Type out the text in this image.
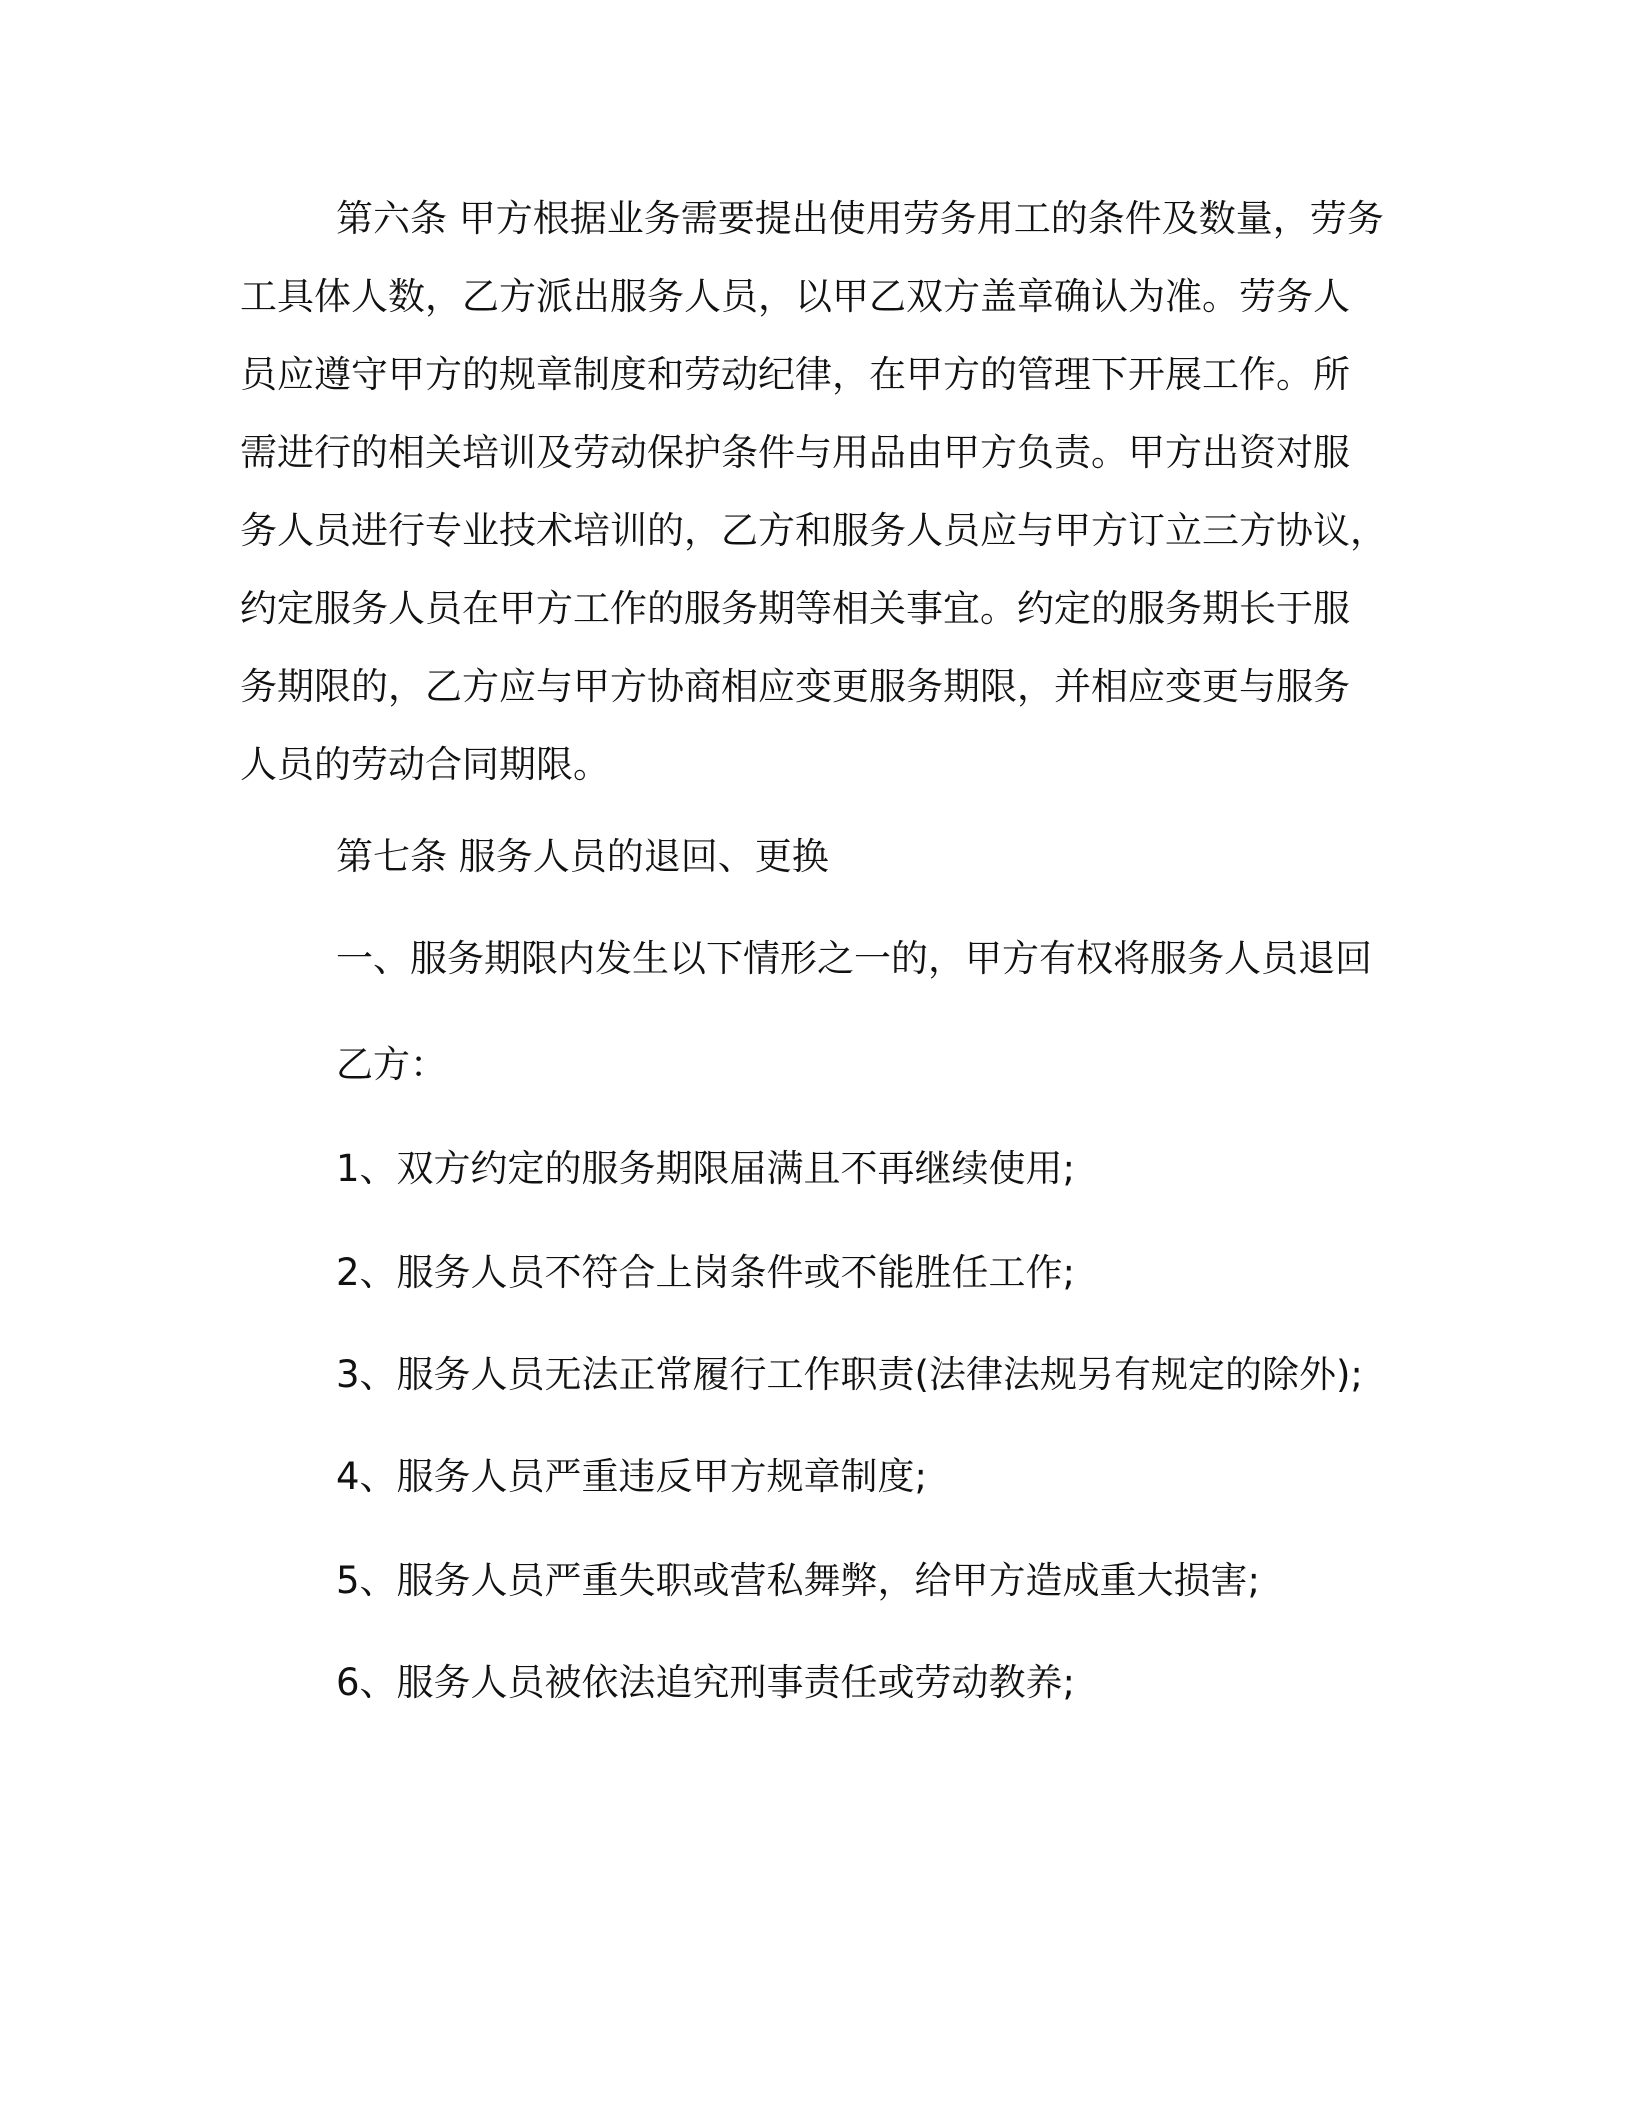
第六条 甲方根据业务需要提出使用劳务用工的条件及数量，劳务
工具体人数，乙方派出服务人员，以甲乙双方盖章确认为准。劳务人
员应遵守甲方的规章制度和劳动纪律，在甲方的管理下开展工作。所
需进行的相关培训及劳动保护条件与用品由甲方负责。甲方出资对服
务人员进行专业技术培训的，乙方和服务人员应与甲方订立三方协议，
约定服务人员在甲方工作的服务期等相关事宜。约定的服务期长于服
务期限的，乙方应与甲方协商相应变更服务期限，并相应变更与服务
人员的劳动合同期限。
第七条 服务人员的退回、更换
一、服务期限内发生以下情形之一的，甲方有权将服务人员退回
乙方：
1、双方约定的服务期限届满且不再继续使用;
2、服务人员不符合上岗条件或不能胜任工作;
3、服务人员无法正常履行工作职责(法律法规另有规定的除外);
4、服务人员严重违反甲方规章制度;
5、服务人员严重失职或营私舞弊，给甲方造成重大损害;
6、服务人员被依法追究刑事责任或劳动教养;
